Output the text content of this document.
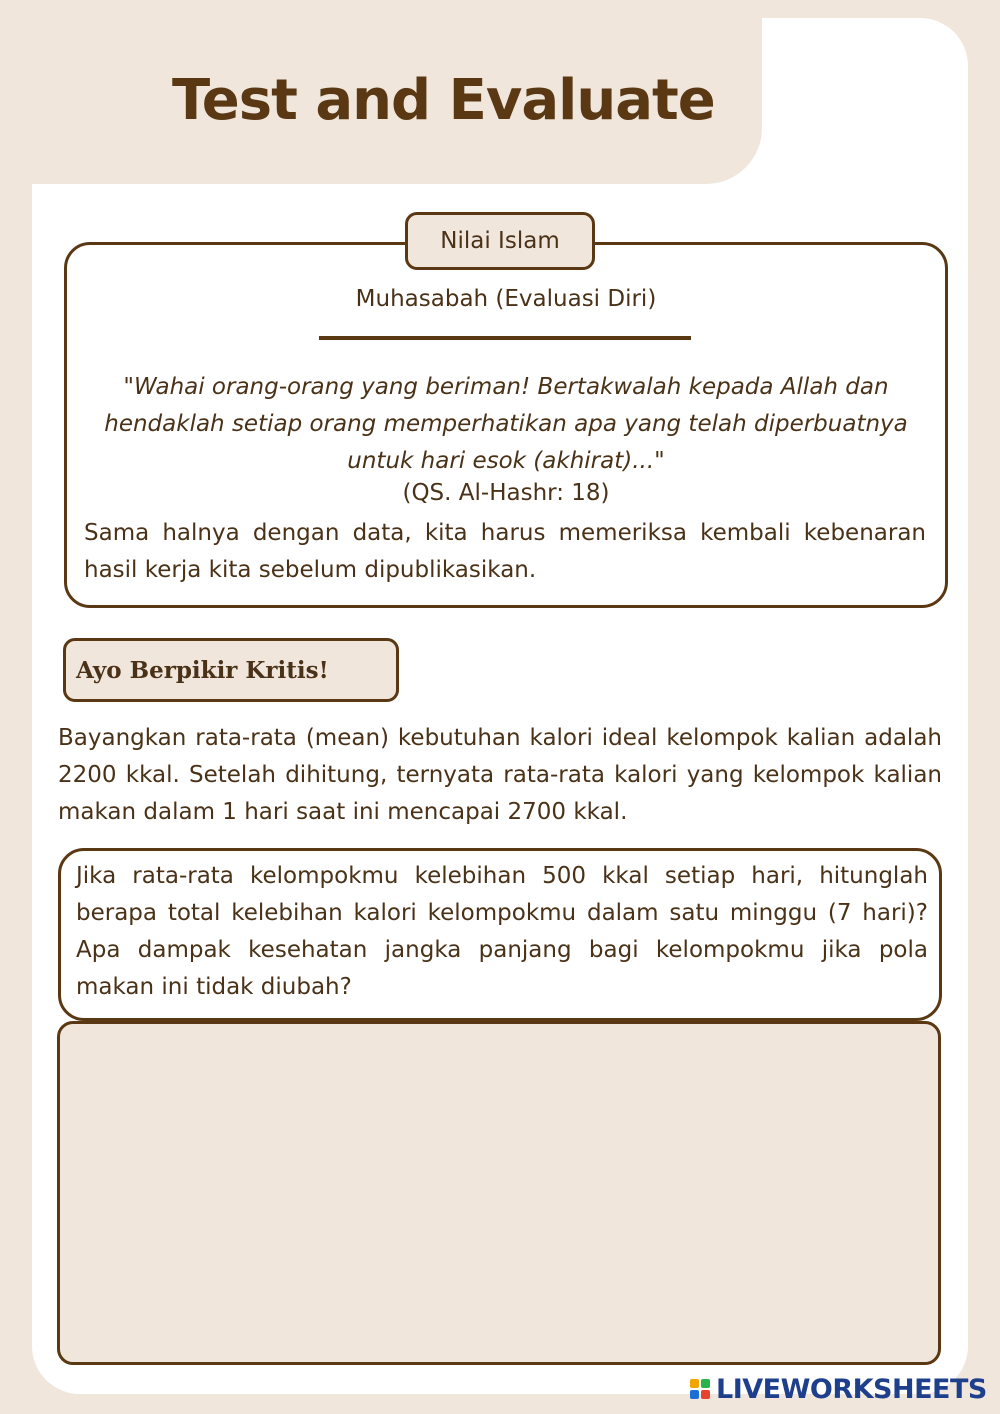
Test and Evaluate
Nilai Islam
Muhasabah (Evaluasi Diri)

"Wahai orang-orang yang beriman! Bertakwalah kepada Allah dan hendaklah setiap orang memperhatikan apa yang telah diperbuatnya untuk hari esok (akhirat)..."

(QS. Al-Hashr: 18)

Sama halnya dengan data, kita harus memeriksa kembali kebenaran hasil kerja kita sebelum dipublikasikan.

Ayo Berpikir Kritis!

Bayangkan rata-rata (mean) kebutuhan kalori ideal kelompok kalian adalah 2200 kkal. Setelah dihitung, ternyata rata-rata kalori yang kelompok kalian makan dalam 1 hari saat ini mencapai 2700 kkal.

Jika rata-rata kelompokmu kelebihan 500 kkal setiap hari, hitunglah berapa total kelebihan kalori kelompokmu dalam satu minggu (7 hari)? Apa dampak kesehatan jangka panjang bagi kelompokmu jika pola makan ini tidak diubah?

LIVEWORKSHEETS
